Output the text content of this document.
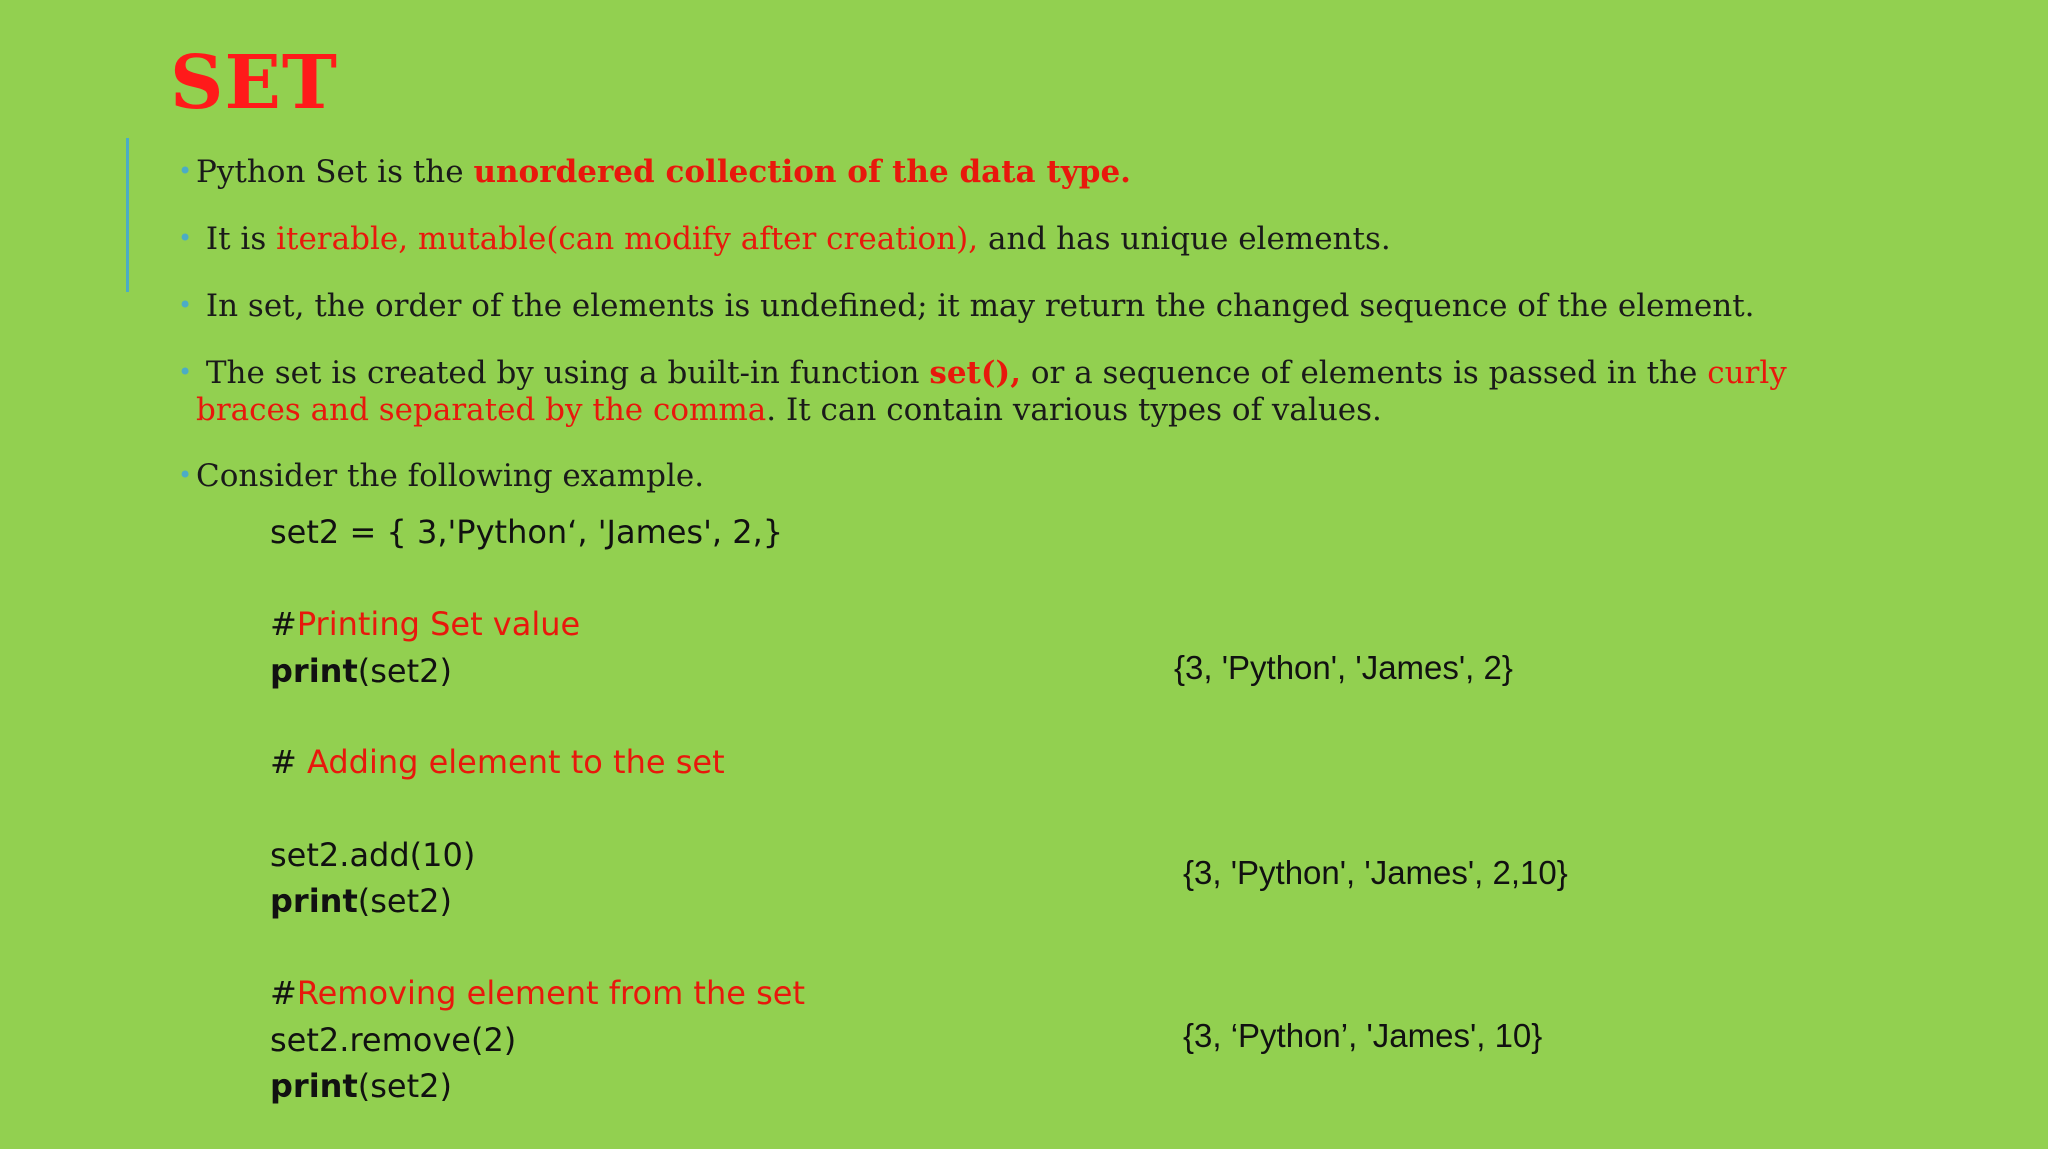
SET

• Python Set is the unordered collection of the data type.

• It is iterable, mutable(can modify after creation), and has unique elements.

• In set, the order of the elements is undefined; it may return the changed sequence of the element.

• The set is created by using a built-in function set(), or a sequence of elements is passed in the curly
braces and separated by the comma. It can contain various types of values.

• Consider the following example.

set2 = { 3,'Python‘, 'James', 2,}

#Printing Set value

print(set2)

# Adding element to the set

set2.add(10)

print(set2)

#Removing element from the set

set2.remove(2)

print(set2)

{3, 'Python', 'James', 2}

{3, 'Python', 'James', 2,10}

{3, ‘Python’, 'James', 10}
